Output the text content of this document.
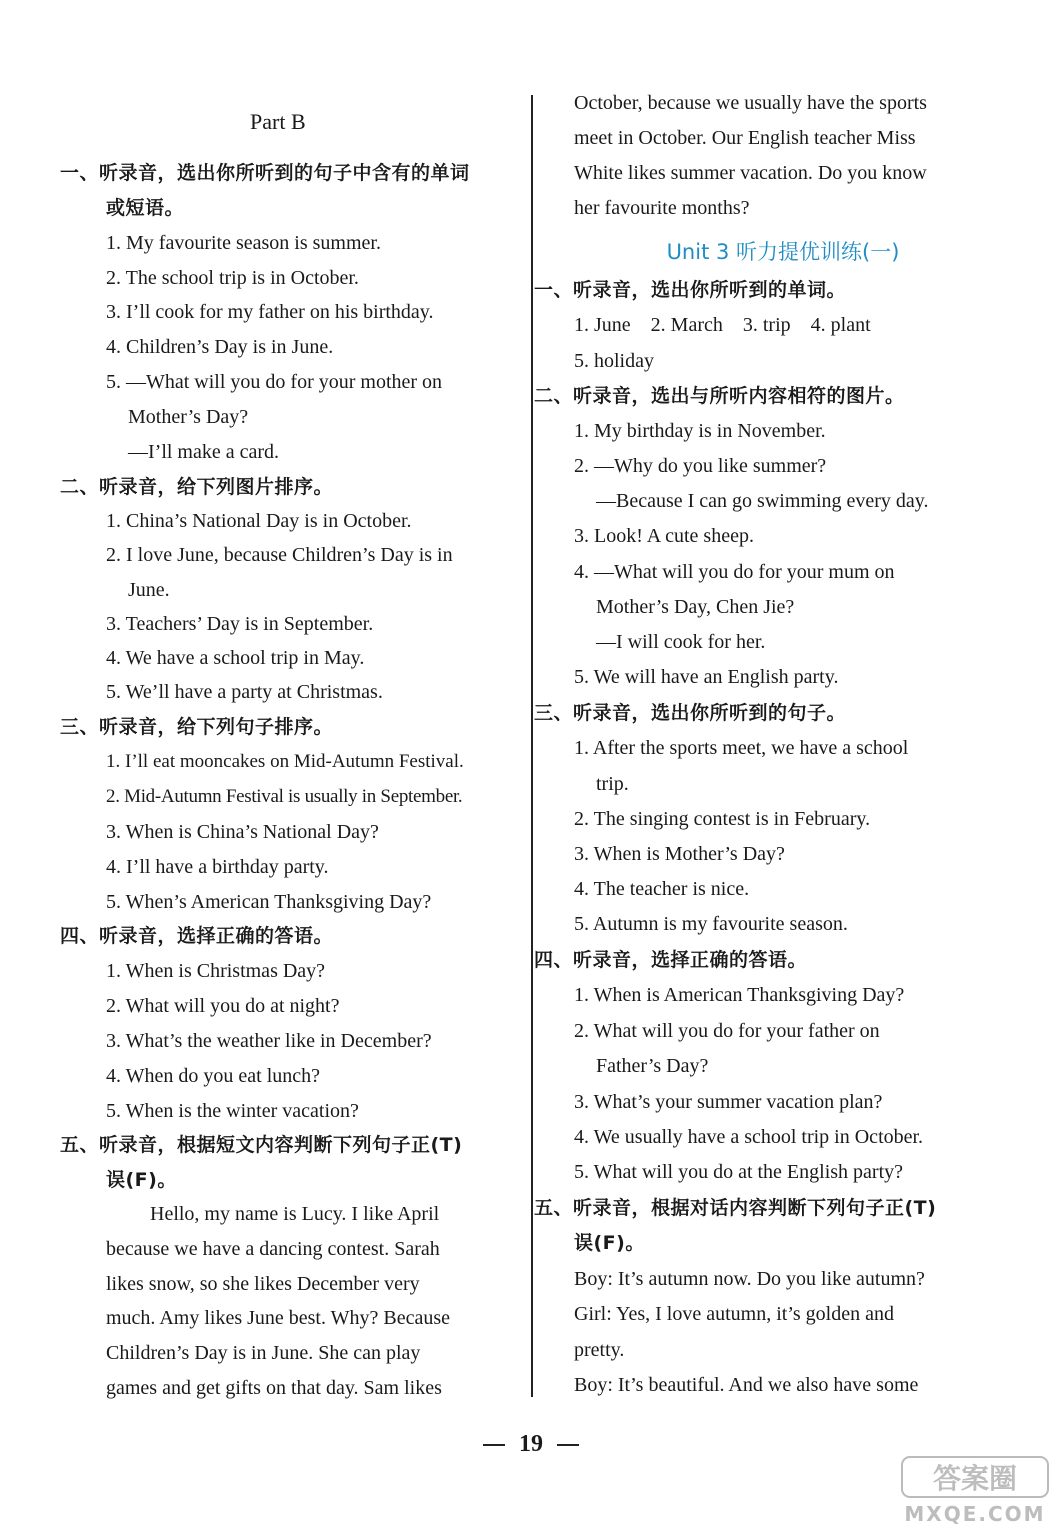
Part B
一、听录音，选出你所听到的句子中含有的单词
或短语。
1. My favourite season is summer.
2. The school trip is in October.
3. I’ll cook for my father on his birthday.
4. Children’s Day is in June.
5. —What will you do for your mother on
Mother’s Day?
—I’ll make a card.
二、听录音，给下列图片排序。
1. China’s National Day is in October.
2. I love June, because Children’s Day is in
June.
3. Teachers’ Day is in September.
4. We have a school trip in May.
5. We’ll have a party at Christmas.
三、听录音，给下列句子排序。
1. I’ll eat mooncakes on Mid-Autumn Festival.
2. Mid-Autumn Festival is usually in September.
3. When is China’s National Day?
4. I’ll have a birthday party.
5. When’s American Thanksgiving Day?
四、听录音，选择正确的答语。
1. When is Christmas Day?
2. What will you do at night?
3. What’s the weather like in December?
4. When do you eat lunch?
5. When is the winter vacation?
五、听录音，根据短文内容判断下列句子正(T)
误(F)。
Hello, my name is Lucy. I like April
because we have a dancing contest. Sarah
likes snow, so she likes December very
much. Amy likes June best. Why? Because
Children’s Day is in June. She can play
games and get gifts on that day. Sam likes
October, because we usually have the sports
meet in October. Our English teacher Miss
White likes summer vacation. Do you know
her favourite months?
Unit 3 听力提优训练(一)
一、听录音，选出你所听到的单词。
1. June    2. March    3. trip    4. plant
5. holiday
二、听录音，选出与所听内容相符的图片。
1. My birthday is in November.
2. —Why do you like summer?
—Because I can go swimming every day.
3. Look! A cute sheep.
4. —What will you do for your mum on
Mother’s Day, Chen Jie?
—I will cook for her.
5. We will have an English party.
三、听录音，选出你所听到的句子。
1. After the sports meet, we have a school
trip.
2. The singing contest is in February.
3. When is Mother’s Day?
4. The teacher is nice.
5. Autumn is my favourite season.
四、听录音，选择正确的答语。
1. When is American Thanksgiving Day?
2. What will you do for your father on
Father’s Day?
3. What’s your summer vacation plan?
4. We usually have a school trip in October.
5. What will you do at the English party?
五、听录音，根据对话内容判断下列句子正(T)
误(F)。
Boy: It’s autumn now. Do you like autumn?
Girl: Yes, I love autumn, it’s golden and
pretty.
Boy: It’s beautiful. And we also have some
19
答案圈
MXQE.COM
